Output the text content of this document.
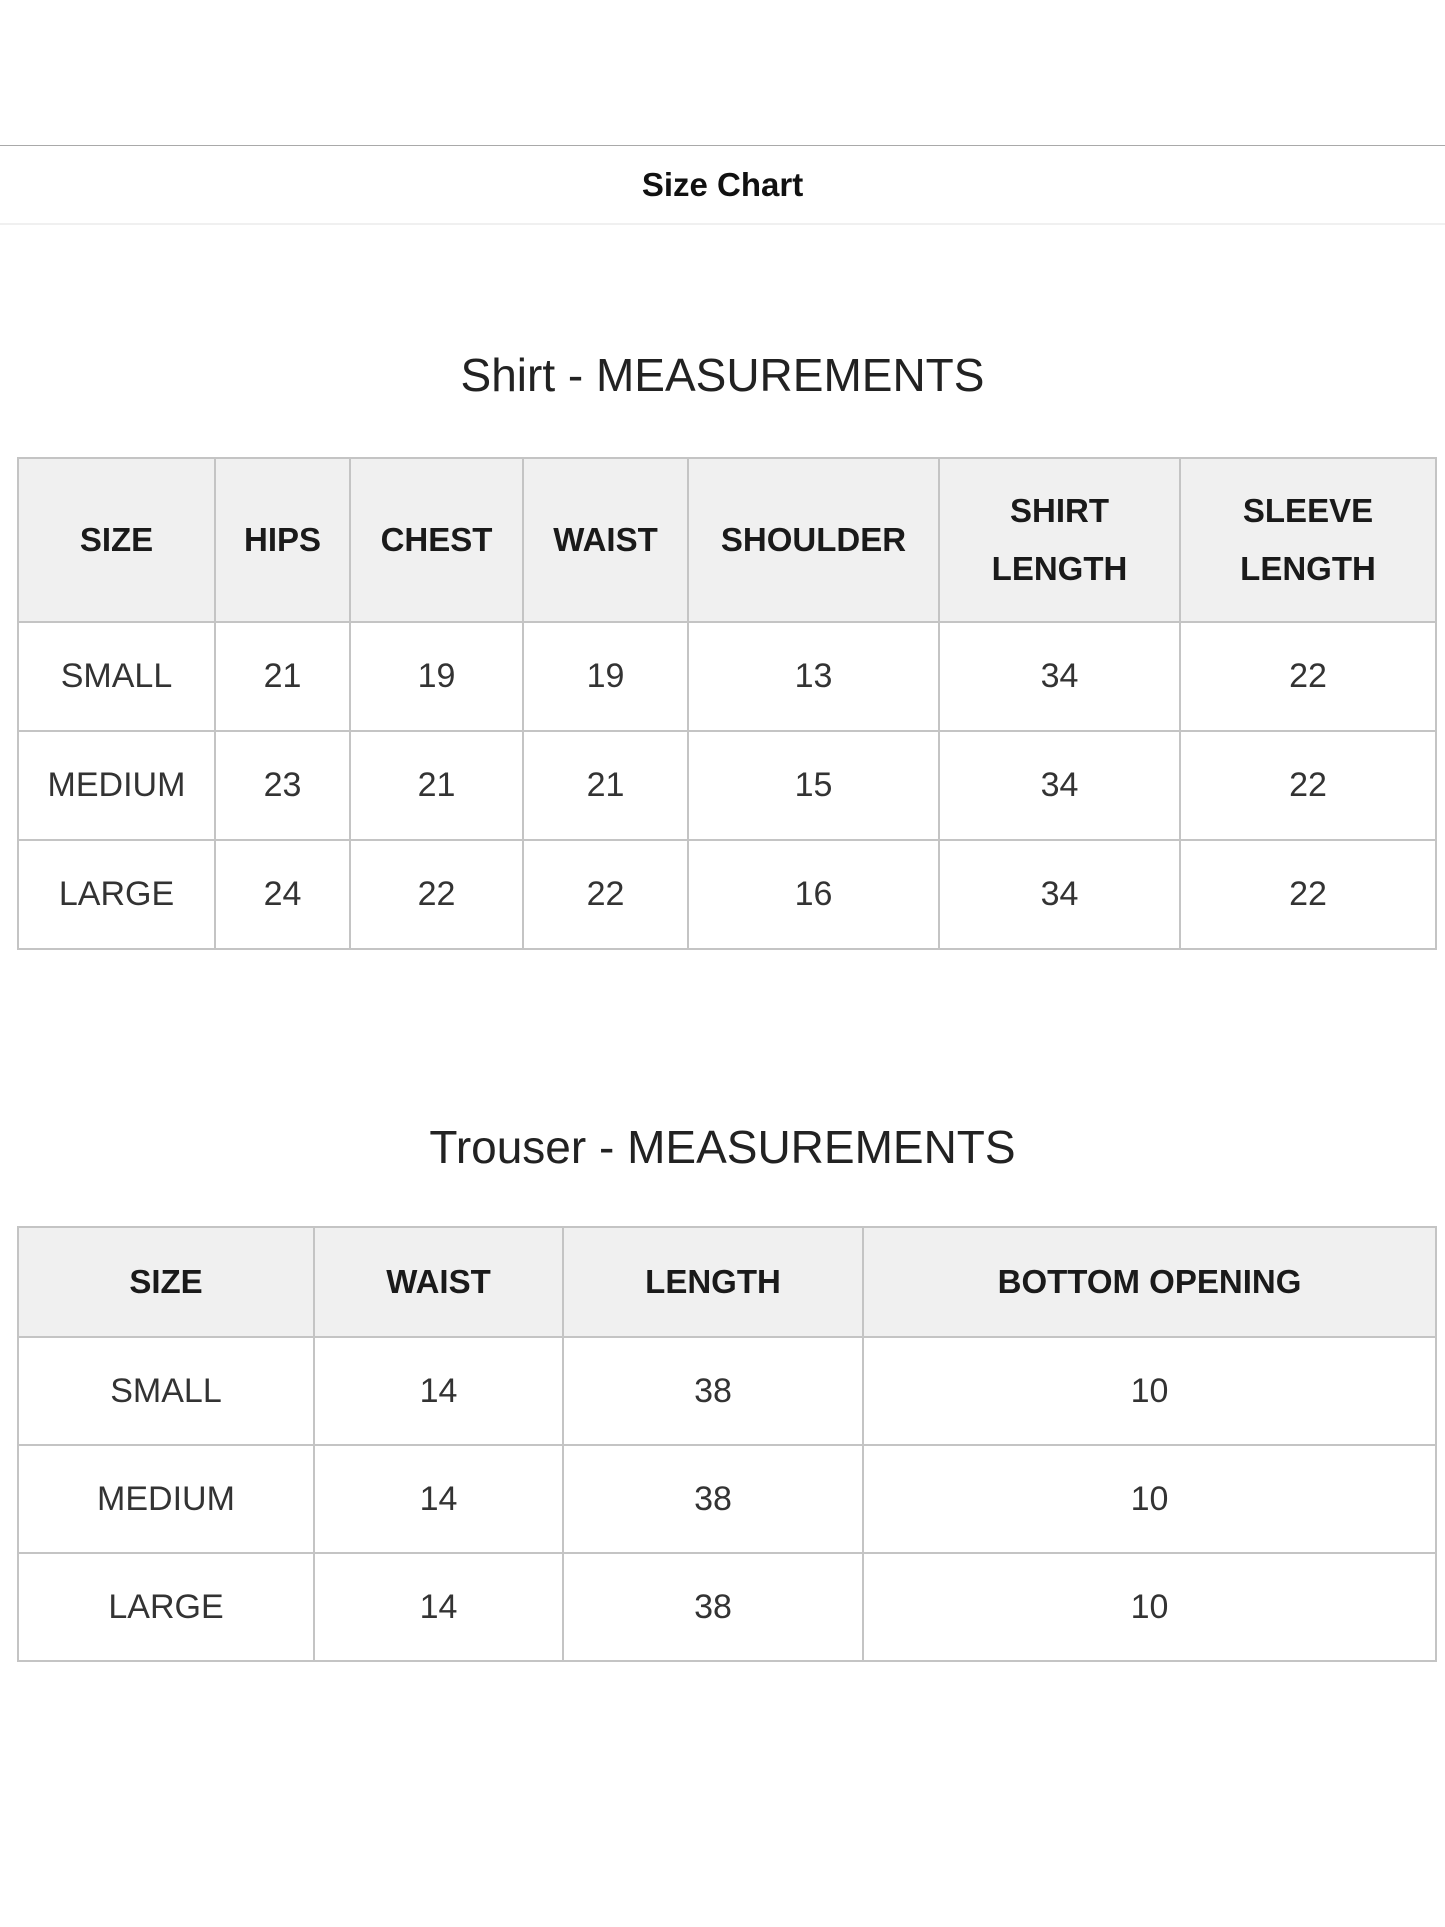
Size Chart
Shirt - MEASUREMENTS
SIZE	HIPS	CHEST	WAIST	SHOULDER	SHIRT LENGTH	SLEEVE LENGTH
SMALL	21	19	19	13	34	22
MEDIUM	23	21	21	15	34	22
LARGE	24	22	22	16	34	22
Trouser - MEASUREMENTS
SIZE	WAIST	LENGTH	BOTTOM OPENING
SMALL	14	38	10
MEDIUM	14	38	10
LARGE	14	38	10
